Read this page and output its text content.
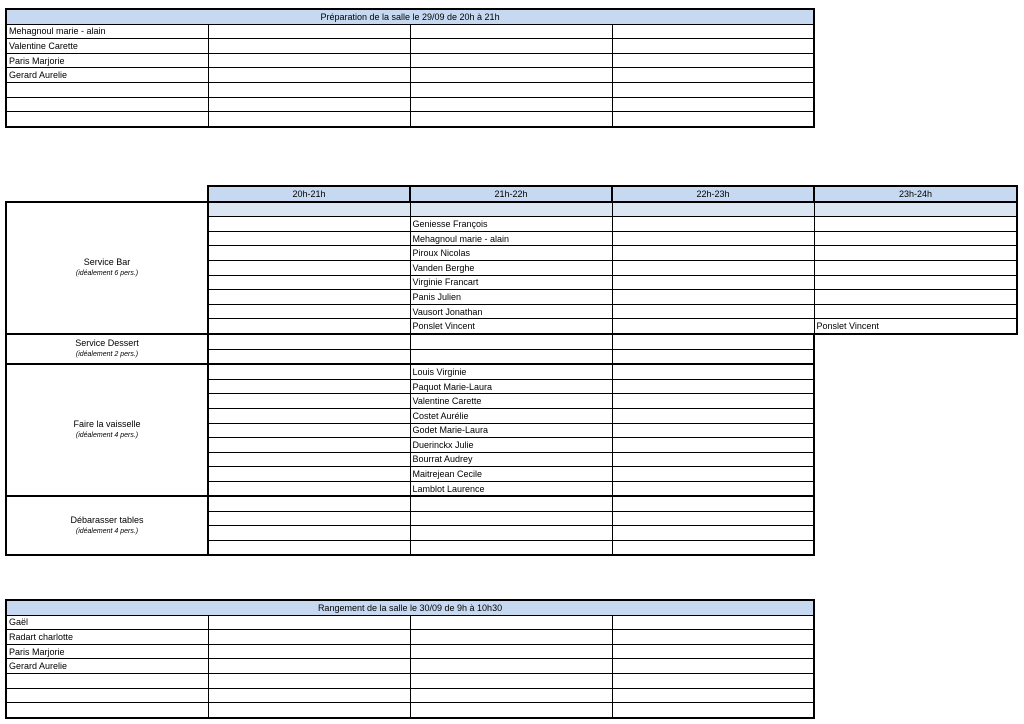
Préparation de la salle le 29/09 de 20h à 21h			
Mehagnoul marie - alain			
Valentine Carette			
Paris Marjorie			
Gerard Aurelie			

	20h-21h	21h-22h	22h-23h	23h-24h

Service Bar
(idéalement 6 pers.)				

		Geniesse François		
		Mehagnoul marie - alain		
		Piroux Nicolas		
		Vanden Berghe		
		Virginie Francart		
		Panis Julien		
		Vausort Jonathan		
		Ponslet Vincent		Ponslet Vincent

Service Dessert
(idéalement 2 pers.)				

Faire la vaisselle
(idéalement 4 pers.)		Louis Virginie		
		Paquot Marie-Laura		
		Valentine Carette		
		Costet Aurélie		
		Godet Marie-Laura		
		Duerinckx Julie		
		Bourrat Audrey		
		Maitrejean Cecile		
		Lamblot Laurence		

Débarasser tables
(idéalement 4 pers.)				

Rangement de la salle le 30/09 de 9h à 10h30			
Gaël			
Radart charlotte			
Paris Marjorie			
Gerard Aurelie			
